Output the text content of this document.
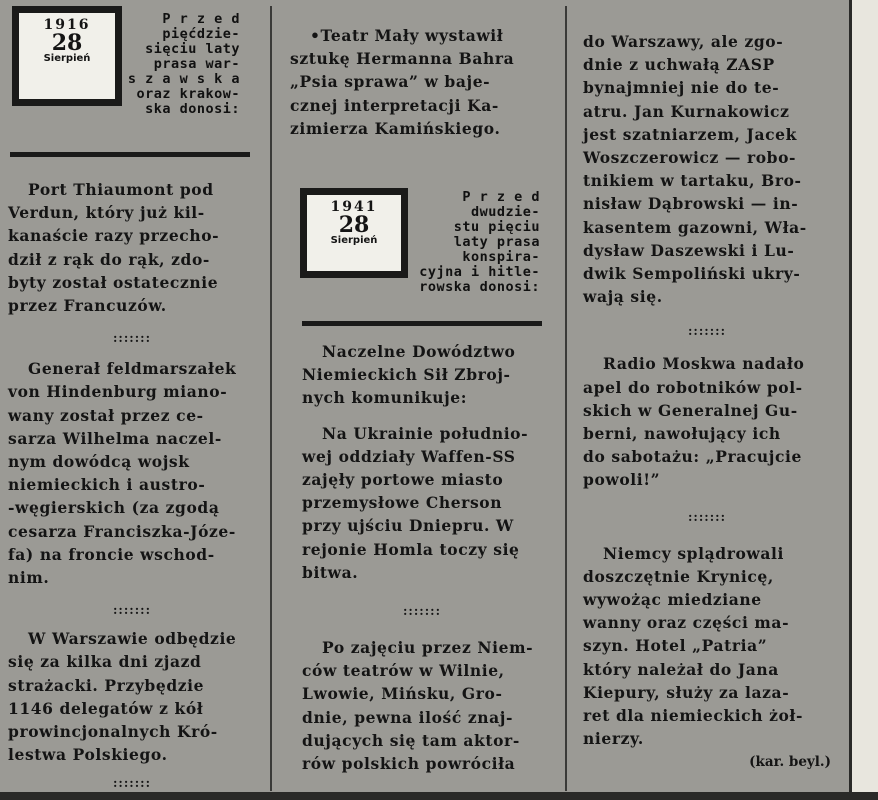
1916
28
Sierpień
P r z e d
pięćdzie-
sięciu laty
prasa war-
s z a w s k a
oraz krakow-
ska donosi:

Port Thiaumont pod

Verdun, który już kil-

kanaście razy przecho-

dził z rąk do rąk, zdo-

byty został ostatecznie

przez Francuzów.

:::::::

Generał feldmarszałek

von Hindenburg miano-

wany został przez ce-

sarza Wilhelma naczel-

nym dowódcą wojsk

niemieckich i austro-

-węgierskich (za zgodą

cesarza Franciszka-Józe-

fa) na froncie wschod-

nim.

:::::::

W Warszawie odbędzie

się za kilka dni zjazd

strażacki. Przybędzie

1146 delegatów z kół

prowincjonalnych Kró-

lestwa Polskiego.

:::::::

•Teatr Mały wystawił

sztukę Hermanna Bahra

„Psia sprawa” w baje-

cznej interpretacji Ka-

zimierza Kamińskiego.

1941
28
Sierpień
P r z e d
dwudzie-
stu pięciu
laty prasa
konspira-
cyjna i hitle-
rowska donosi:

Naczelne Dowództwo

Niemieckich Sił Zbroj-

nych komunikuje:

Na Ukrainie południo-

wej oddziały Waffen-SS

zajęły portowe miasto

przemysłowe Cherson

przy ujściu Dniepru. W

rejonie Homla toczy się

bitwa.

:::::::

Po zajęciu przez Niem-

ców teatrów w Wilnie,

Lwowie, Mińsku, Gro-

dnie, pewna ilość znaj-

dujących się tam aktor-

rów polskich powróciła

do Warszawy, ale zgo-

dnie z uchwałą ZASP

bynajmniej nie do te-

atru. Jan Kurnakowicz

jest szatniarzem, Jacek

Woszczerowicz — robo-

tnikiem w tartaku, Bro-

nisław Dąbrowski — in-

kasentem gazowni, Wła-

dysław Daszewski i Lu-

dwik Sempoliński ukry-

wają się.

:::::::

Radio Moskwa nadało

apel do robotników pol-

skich w Generalnej Gu-

berni, nawołujący ich

do sabotażu: „Pracujcie

powoli!”

:::::::

Niemcy splądrowali

doszczętnie Krynicę,

wywożąc miedziane

wanny oraz części ma-

szyn. Hotel „Patria”

który należał do Jana

Kiepury, służy za laza-

ret dla niemieckich żoł-

nierzy.

(kar. beyl.)
